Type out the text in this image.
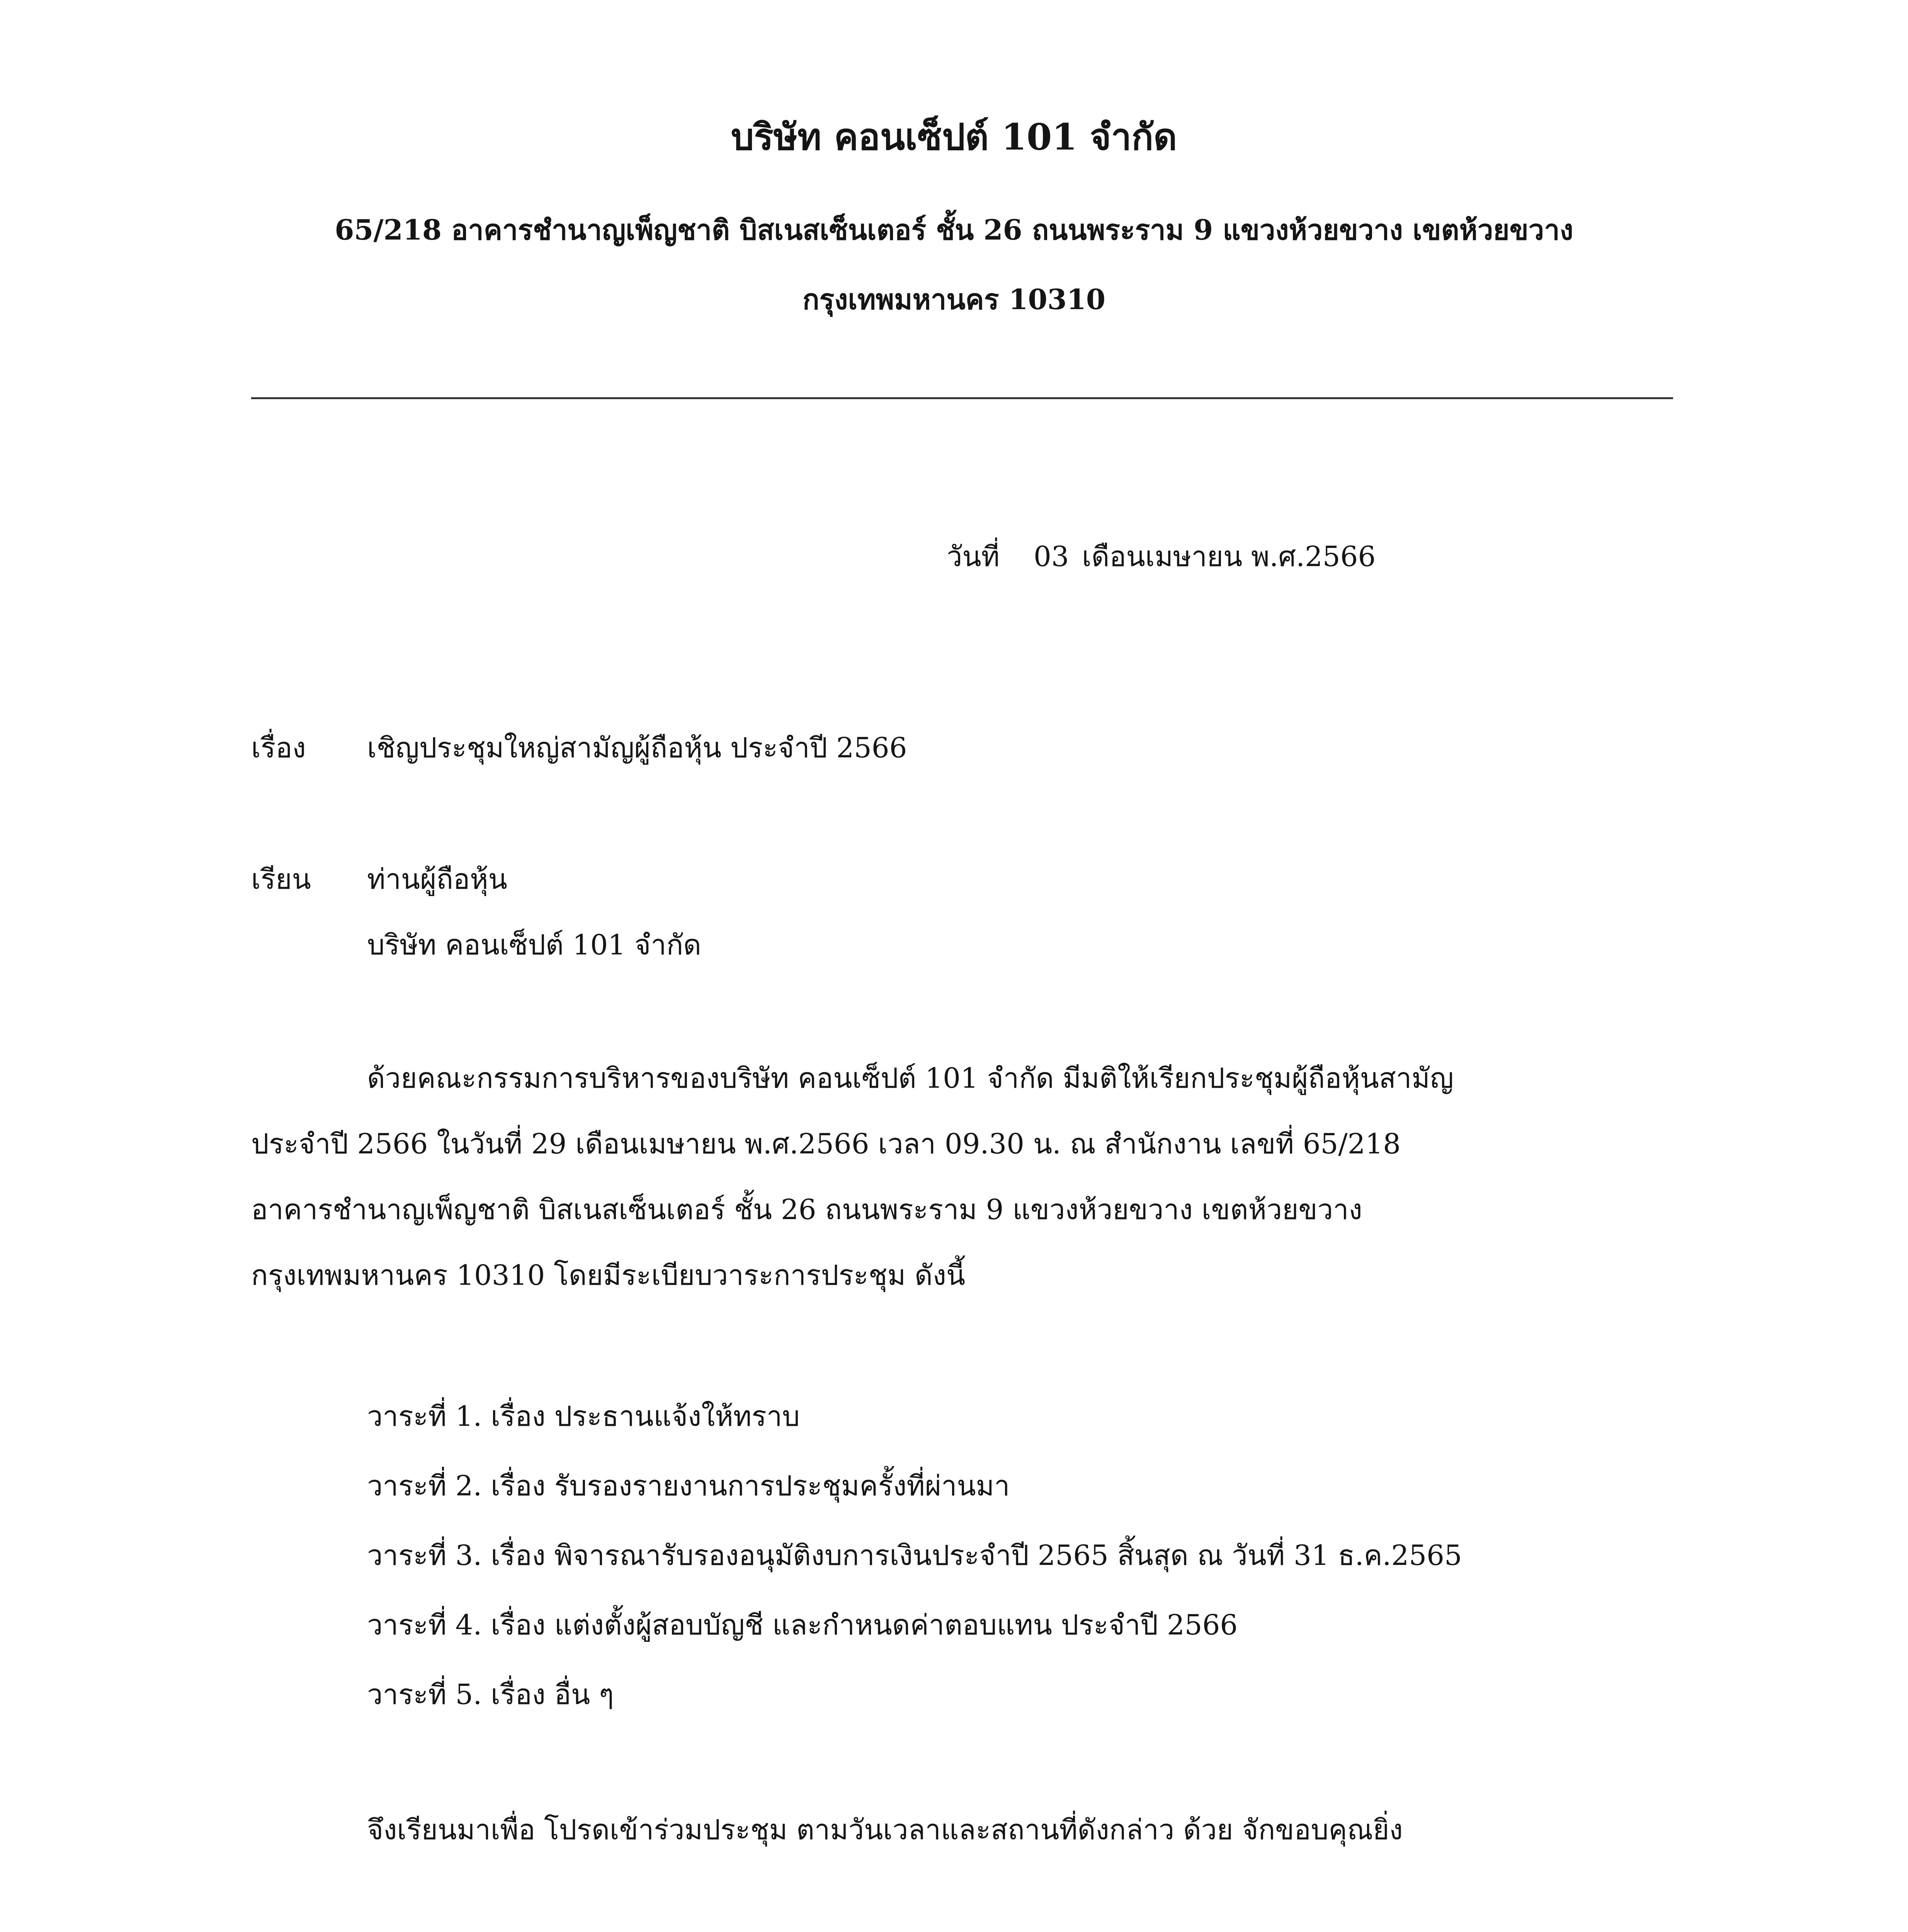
บริษัท คอนเซ็ปต์ 101 จำกัด
65/218 อาคารชำนาญเพ็ญชาติ บิสเนสเซ็นเตอร์ ชั้น 26 ถนนพระราม 9 แขวงห้วยขวาง เขตห้วยขวาง
กรุงเทพมหานคร 10310
วันที่ 03 เดือนเมษายน พ.ศ.2566
เรื่อง เชิญประชุมใหญ่สามัญผู้ถือหุ้น ประจำปี 2566
เรียน ท่านผู้ถือหุ้น
บริษัท คอนเซ็ปต์ 101 จำกัด
ด้วยคณะกรรมการบริหารของบริษัท คอนเซ็ปต์ 101 จำกัด มีมติให้เรียกประชุมผู้ถือหุ้นสามัญ
ประจำปี 2566 ในวันที่ 29 เดือนเมษายน พ.ศ.2566 เวลา 09.30 น. ณ สำนักงาน เลขที่ 65/218
อาคารชำนาญเพ็ญชาติ บิสเนสเซ็นเตอร์ ชั้น 26 ถนนพระราม 9 แขวงห้วยขวาง เขตห้วยขวาง
กรุงเทพมหานคร 10310 โดยมีระเบียบวาระการประชุม ดังนี้
วาระที่ 1. เรื่อง ประธานแจ้งให้ทราบ
วาระที่ 2. เรื่อง รับรองรายงานการประชุมครั้งที่ผ่านมา
วาระที่ 3. เรื่อง พิจารณารับรองอนุมัติงบการเงินประจำปี 2565 สิ้นสุด ณ วันที่ 31 ธ.ค.2565
วาระที่ 4. เรื่อง แต่งตั้งผู้สอบบัญชี และกำหนดค่าตอบแทน ประจำปี 2566
วาระที่ 5. เรื่อง อื่น ๆ
จึงเรียนมาเพื่อ โปรดเข้าร่วมประชุม ตามวันเวลาและสถานที่ดังกล่าว ด้วย จักขอบคุณยิ่ง
